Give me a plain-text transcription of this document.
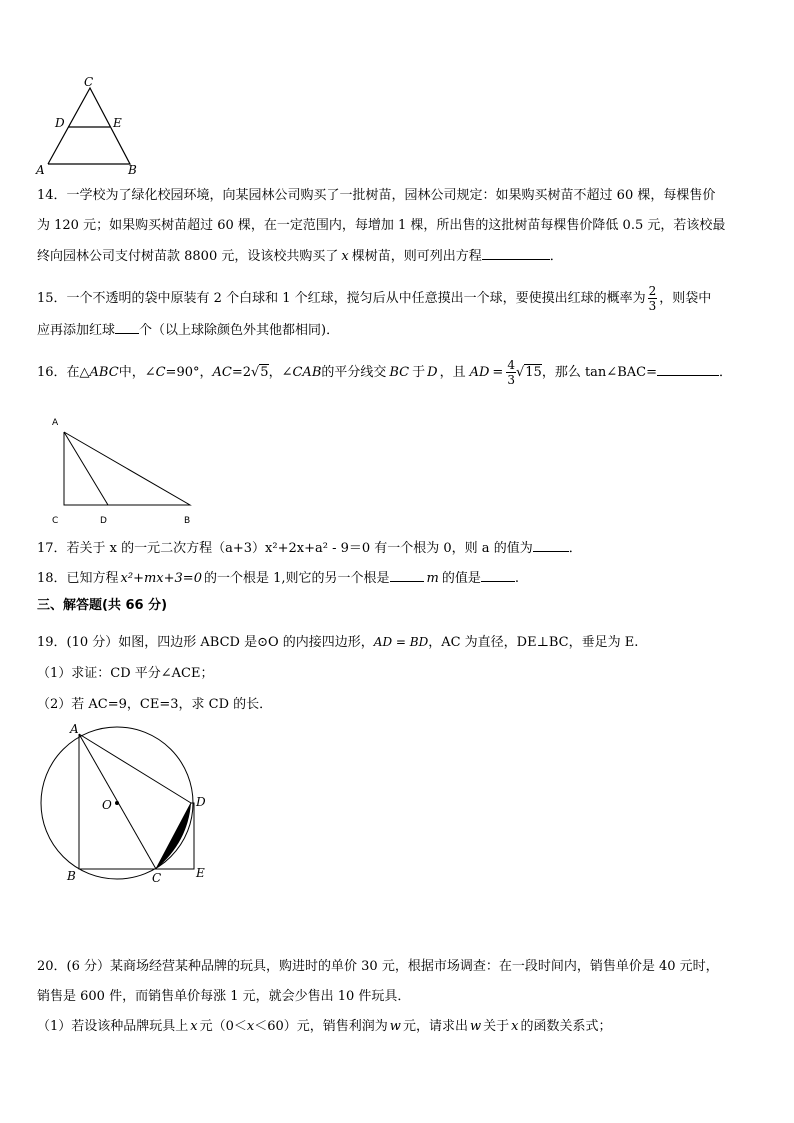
C
D	E
A	B
14．一学校为了绿化校园环境，向某园林公司购买了一批树苗，园林公司规定：如果购买树苗不超过 60 棵，每棵售价
为 120 元；如果购买树苗超过 60 棵，在一定范围内，每增加 1 棵，所出售的这批树苗每棵售价降低 0.5 元，若该校最
终向园林公司支付树苗款 8800 元，设该校共购买了 x 棵树苗，则可列出方程	．
15．一个不透明的袋中原装有 2 个白球和 1 个红球，搅匀后从中任意摸出一个球，要使摸出红球的概率为 $\frac{2}{3}$ ，则袋中
应再添加红球 个（以上球除颜色外其他都相同)．
16．在△ABC中，∠C=90°，AC=2√5，∠CAB的平分线交 BC 于 D ，且 AD = $\frac{4}{3} √15$，那么 tan∠BAC=	．
A
C	D	B
17．若关于 x 的一元二次方程（a+3）x²+2x+a² - 9＝0 有一个根为 0，则 a 的值为	．
18．已知方程 x²+mx+3=0 的一个根是 1,则它的另一个根是	m 的值是	.
三、解答题(共 66 分)
19．(10 分）如图，四边形 ABCD 是⊙O 的内接四边形，AD = BD，AC 为直径，DE⊥BC，垂足为 E.
（1）求证：CD 平分∠ACE；
（2）若 AC=9，CE=3，求 CD 的长．
A
O	D
B	C	E
20．(6 分）某商场经营某种品牌的玩具，购进时的单价 30 元，根据市场调查：在一段时间内，销售单价是 40 元时，
销售是 600 件，而销售单价每涨 1 元，就会少售出 10 件玩具．
（1）若设该种品牌玩具上 x 元（0＜x＜60）元，销售利润为 w 元，请求出 w 关于 x 的函数关系式；
